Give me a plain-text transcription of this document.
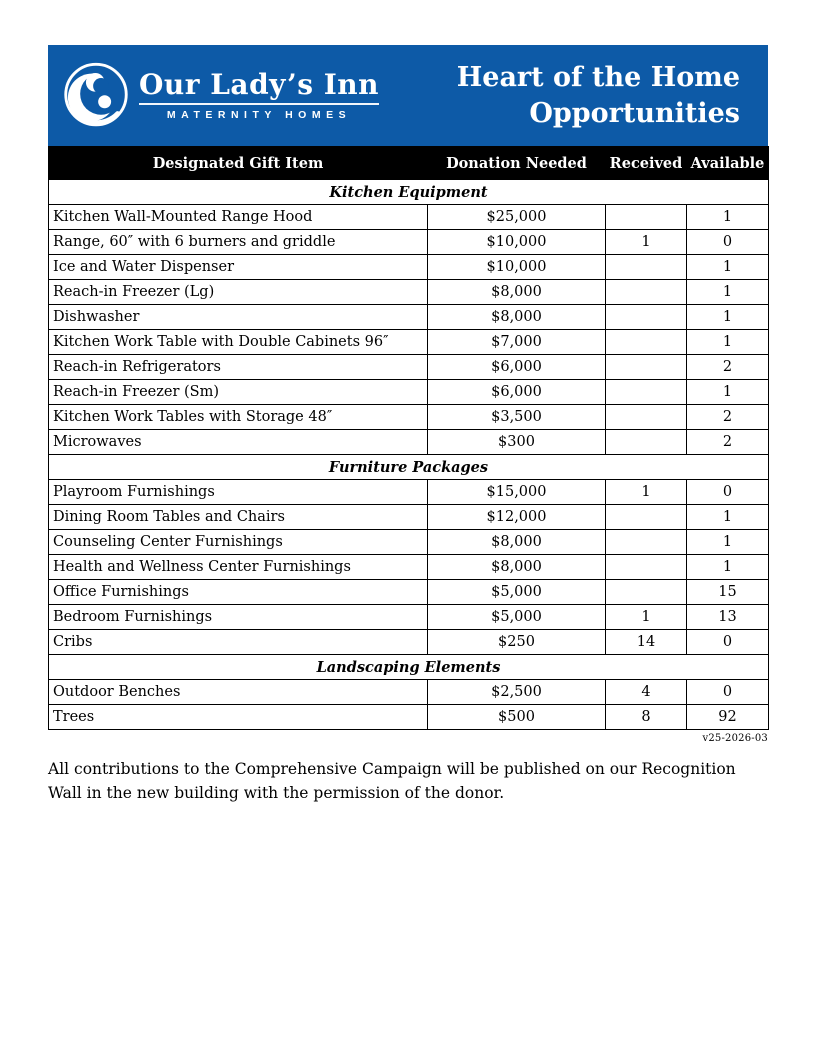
Our Lady’s Inn
MATERNITY HOMES
Heart of the Home
Opportunities
Designated Gift Item	Donation Needed	Received	Available
Kitchen Equipment			
Kitchen Wall-Mounted Range Hood	$25,000		1
Range, 60″ with 6 burners and griddle	$10,000	1	0
Ice and Water Dispenser	$10,000		1
Reach-in Freezer (Lg)	$8,000		1
Dishwasher	$8,000		1
Kitchen Work Table with Double Cabinets 96″	$7,000		1
Reach-in Refrigerators	$6,000		2
Reach-in Freezer (Sm)	$6,000		1
Kitchen Work Tables with Storage 48″	$3,500		2
Microwaves	$300		2
Furniture Packages			
Playroom Furnishings	$15,000	1	0
Dining Room Tables and Chairs	$12,000		1
Counseling Center Furnishings	$8,000		1
Health and Wellness Center Furnishings	$8,000		1
Office Furnishings	$5,000		15
Bedroom Furnishings	$5,000	1	13
Cribs	$250	14	0
Landscaping Elements			
Outdoor Benches	$2,500	4	0
Trees	$500	8	92
v25-2026-03

All contributions to the Comprehensive Campaign will be published on our Recognition Wall in the new building with the permission of the donor.
